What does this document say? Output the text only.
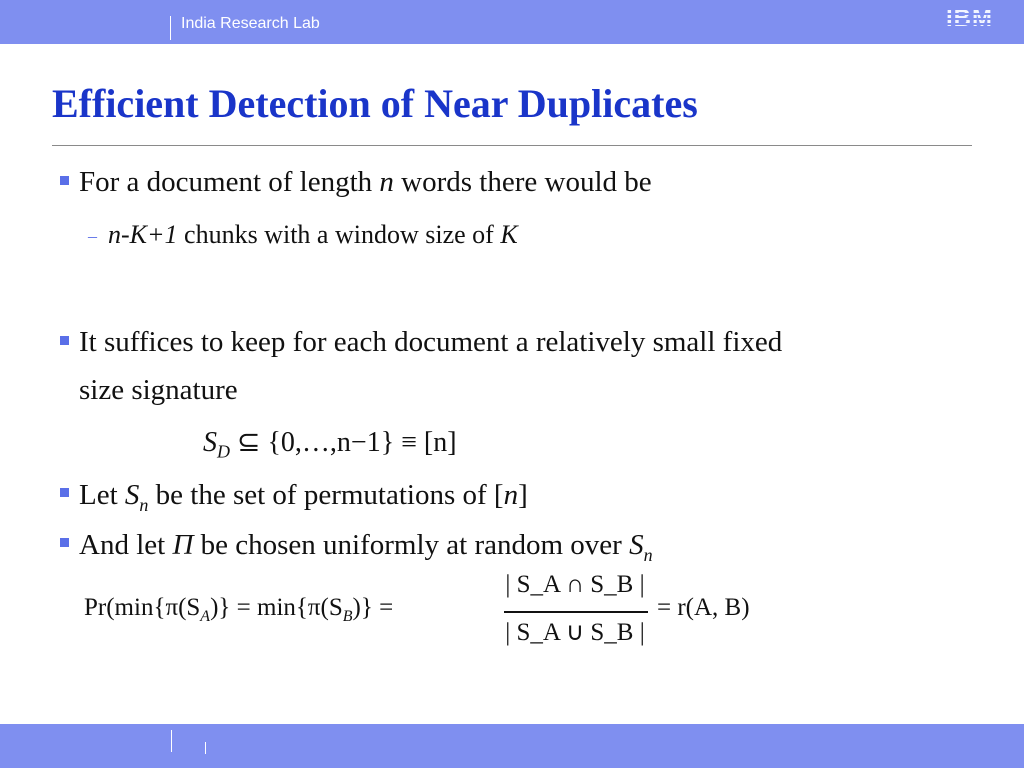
India Research Lab	IBM
Efficient Detection of Near Duplicates
For a document of length n words there would be
– n-K+1 chunks with a window size of K
It suffices to keep for each document a relatively small fixed
size signature
$S_D$ ⊆ {0,…,n−1} ≡ [n]
Let $S_n$ be the set of permutations of [n]
And let Π be chosen uniformly at random over $S_n$
$Pr(\min\{\pi(S_A)\} = \min\{\pi(S_B)\}$ =
| S_A ∩ S_B |
| S_A ∪ S_B |
= r(A, B)
